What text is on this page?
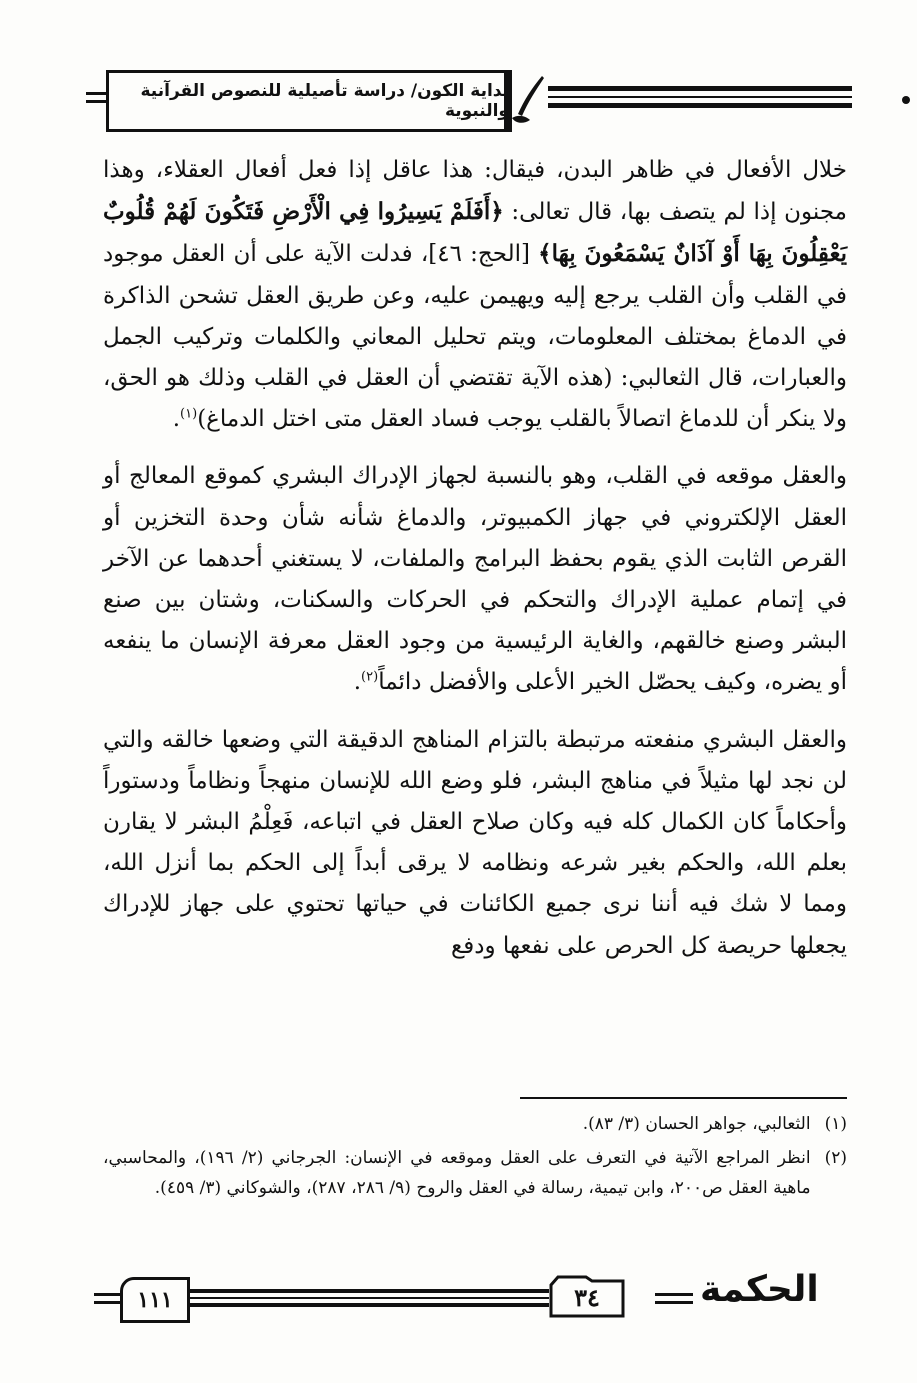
بداية الكون/ دراسة تأصيلية للنصوص القرآنية والنبوية

خلال الأفعال في ظاهر البدن، فيقال: هذا عاقل إذا فعل أفعال العقلاء، وهذا مجنون إذا لم يتصف بها، قال تعالى: ﴿أَفَلَمْ يَسِيرُوا فِي الْأَرْضِ فَتَكُونَ لَهُمْ قُلُوبٌ يَعْقِلُونَ بِهَا أَوْ آذَانٌ يَسْمَعُونَ بِهَا﴾ [الحج: ٤٦]، فدلت الآية على أن العقل موجود في القلب وأن القلب يرجع إليه ويهيمن عليه، وعن طريق العقل تشحن الذاكرة في الدماغ بمختلف المعلومات، ويتم تحليل المعاني والكلمات وتركيب الجمل والعبارات، قال الثعالبي: (هذه الآية تقتضي أن العقل في القلب وذلك هو الحق، ولا ينكر أن للدماغ اتصالاً بالقلب يوجب فساد العقل متى اختل الدماغ)$^{(١)}$.

والعقل موقعه في القلب، وهو بالنسبة لجهاز الإدراك البشري كموقع المعالج أو العقل الإلكتروني في جهاز الكمبيوتر، والدماغ شأنه شأن وحدة التخزين أو القرص الثابت الذي يقوم بحفظ البرامج والملفات، لا يستغني أحدهما عن الآخر في إتمام عملية الإدراك والتحكم في الحركات والسكنات، وشتان بين صنع البشر وصنع خالقهم، والغاية الرئيسية من وجود العقل معرفة الإنسان ما ينفعه أو يضره، وكيف يحصّل الخير الأعلى والأفضل دائماً$^{(٢)}$.

والعقل البشري منفعته مرتبطة بالتزام المناهج الدقيقة التي وضعها خالقه والتي لن نجد لها مثيلاً في مناهج البشر، فلو وضع الله للإنسان منهجاً ونظاماً ودستوراً وأحكاماً كان الكمال كله فيه وكان صلاح العقل في اتباعه، فَعِلْمُ البشر لا يقارن بعلم الله، والحكم بغير شرعه ونظامه لا يرقى أبداً إلى الحكم بما أنزل الله، ومما لا شك فيه أننا نرى جميع الكائنات في حياتها تحتوي على جهاز للإدراك يجعلها حريصة كل الحرص على نفعها ودفع

(١)
الثعالبي، جواهر الحسان (٣/ ٨٣).
(٢)
انظر المراجع الآتية في التعرف على العقل وموقعه في الإنسان: الجرجاني (٢/ ١٩٦)، والمحاسبي، ماهية العقل ص٢٠٠، وابن تيمية، رسالة في العقل والروح (٩/ ٢٨٦، ٢٨٧)، والشوكاني (٣/ ٤٥٩).
١١١	٣٤	الحكمة
